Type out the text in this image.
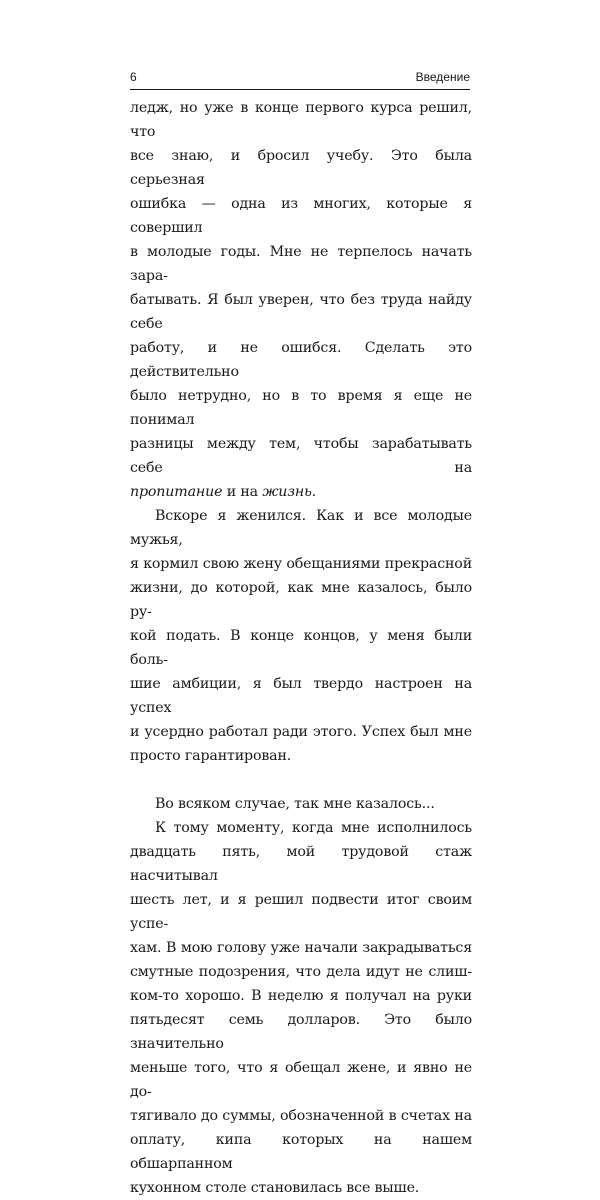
6	Введение

ледж, но уже в конце первого курса решил, что
все знаю, и бросил учебу. Это была серьезная
ошибка — одна из многих, которые я совершил
в молодые годы. Мне не терпелось начать зара-
батывать. Я был уверен, что без труда найду себе
работу, и не ошибся. Сделать это действительно
было нетрудно, но в то время я еще не понимал
разницы между тем, чтобы зарабатывать себе на
пропитание и на жизнь.

Вскоре я женился. Как и все молодые мужья,
я кормил свою жену обещаниями прекрасной
жизни, до которой, как мне казалось, было ру-
кой подать. В конце концов, у меня были боль-
шие амбиции, я был твердо настроен на успех
и усердно работал ради этого. Успех был мне
просто гарантирован.

Во всяком случае, так мне казалось...

К тому моменту, когда мне исполнилось
двадцать пять, мой трудовой стаж насчитывал
шесть лет, и я решил подвести итог своим успе-
хам. В мою голову уже начали закрадываться
смутные подозрения, что дела идут не слиш-
ком-то хорошо. В неделю я получал на руки
пятьдесят семь долларов. Это было значительно
меньше того, что я обещал жене, и явно не до-
тягивало до суммы, обозначенной в счетах на
оплату, кипа которых на нашем обшарпанном
кухонном столе становилась все выше.
